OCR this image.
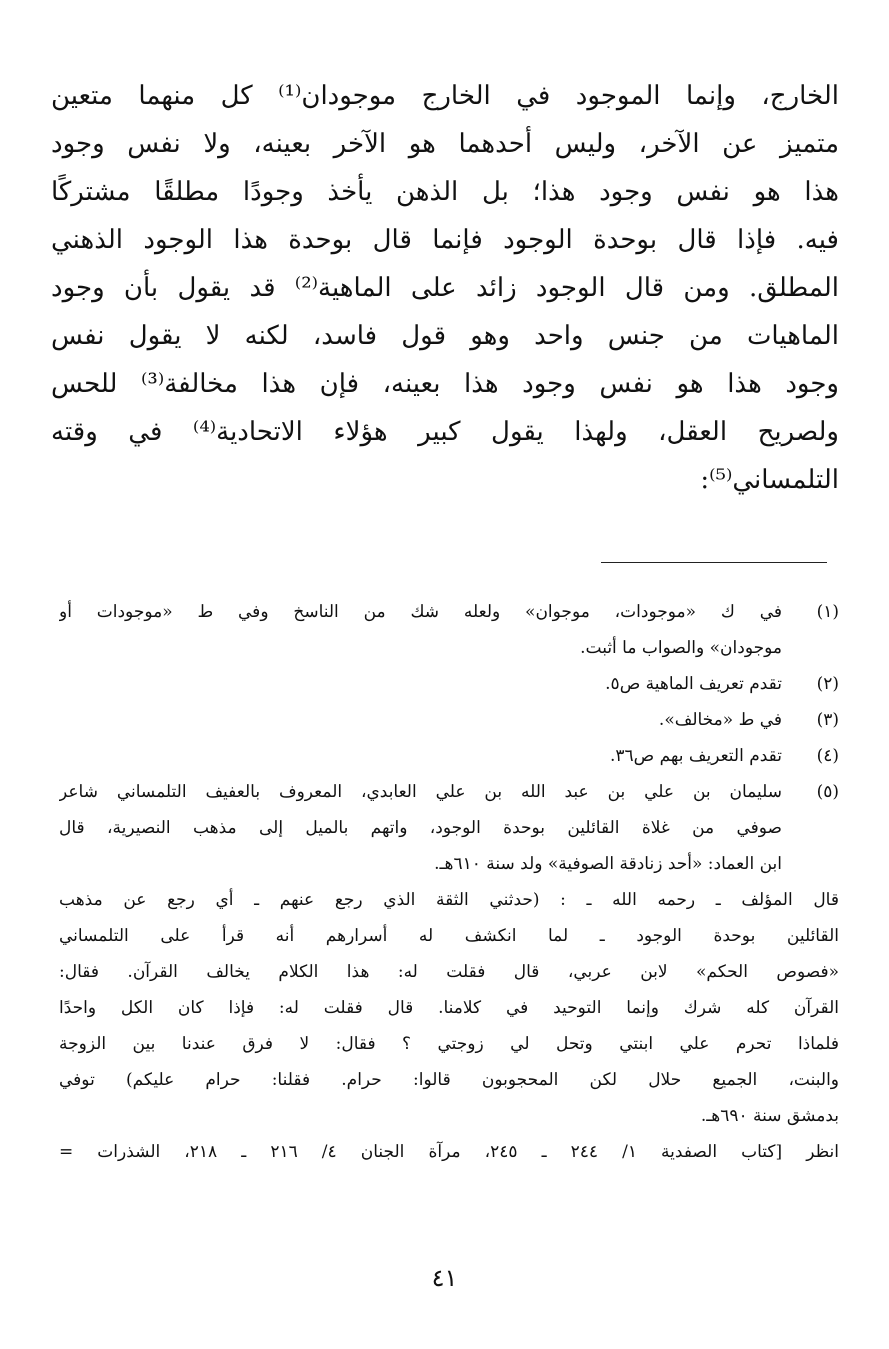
الخارج، وإنما الموجود في الخارج موجودان⁽¹⁾ كل منهما متعين
متميز عن الآخر، وليس أحدهما هو الآخر بعينه، ولا نفس وجود
هذا هو نفس وجود هذا؛ بل الذهن يأخذ وجودًا مطلقًا مشتركًا
فيه. فإذا قال بوحدة الوجود فإنما قال بوحدة هذا الوجود الذهني
المطلق. ومن قال الوجود زائد على الماهية⁽²⁾ قد يقول بأن وجود
الماهيات من جنس واحد وهو قول فاسد، لكنه لا يقول نفس
وجود هذا هو نفس وجود هذا بعينه، فإن هذا مخالفة⁽³⁾ للحس
ولصريح العقل، ولهذا يقول كبير هؤلاء الاتحادية⁽⁴⁾ في وقته
التلمساني⁽⁵⁾:
(١)
في ك «موجودات، موجوان» ولعله شك من الناسخ وفي ط «موجودات أو
موجودان» والصواب ما أثبت.
(٢)
تقدم تعريف الماهية ص٥.
(٣)
في ط «مخالف».
(٤)
تقدم التعريف بهم ص٣٦.
(٥)
سليمان بن علي بن عبد الله بن علي العابدي، المعروف بالعفيف التلمساني شاعر
صوفي من غلاة القائلين بوحدة الوجود، واتهم بالميل إلى مذهب النصيرية، قال
ابن العماد: «أحد زنادقة الصوفية» ولد سنة ٦١٠هـ.
قال المؤلف ـ رحمه الله ـ : (حدثني الثقة الذي رجع عنهم ـ أي رجع عن مذهب
القائلين بوحدة الوجود ـ لما انكشف له أسرارهم أنه قرأ على التلمساني
«فصوص الحكم» لابن عربي، قال فقلت له: هذا الكلام يخالف القرآن. فقال:
القرآن كله شرك وإنما التوحيد في كلامنا. قال فقلت له: فإذا كان الكل واحدًا
فلماذا تحرم علي ابنتي وتحل لي زوجتي ؟ فقال: لا فرق عندنا بين الزوجة
والبنت، الجميع حلال لكن المحجوبون قالوا: حرام. فقلنا: حرام عليكم) توفي
بدمشق سنة ٦٩٠هـ.
انظر [كتاب الصفدية ١/ ٢٤٤ ـ ٢٤٥، مرآة الجنان ٤/ ٢١٦ ـ ٢١٨، الشذرات =
٤١
